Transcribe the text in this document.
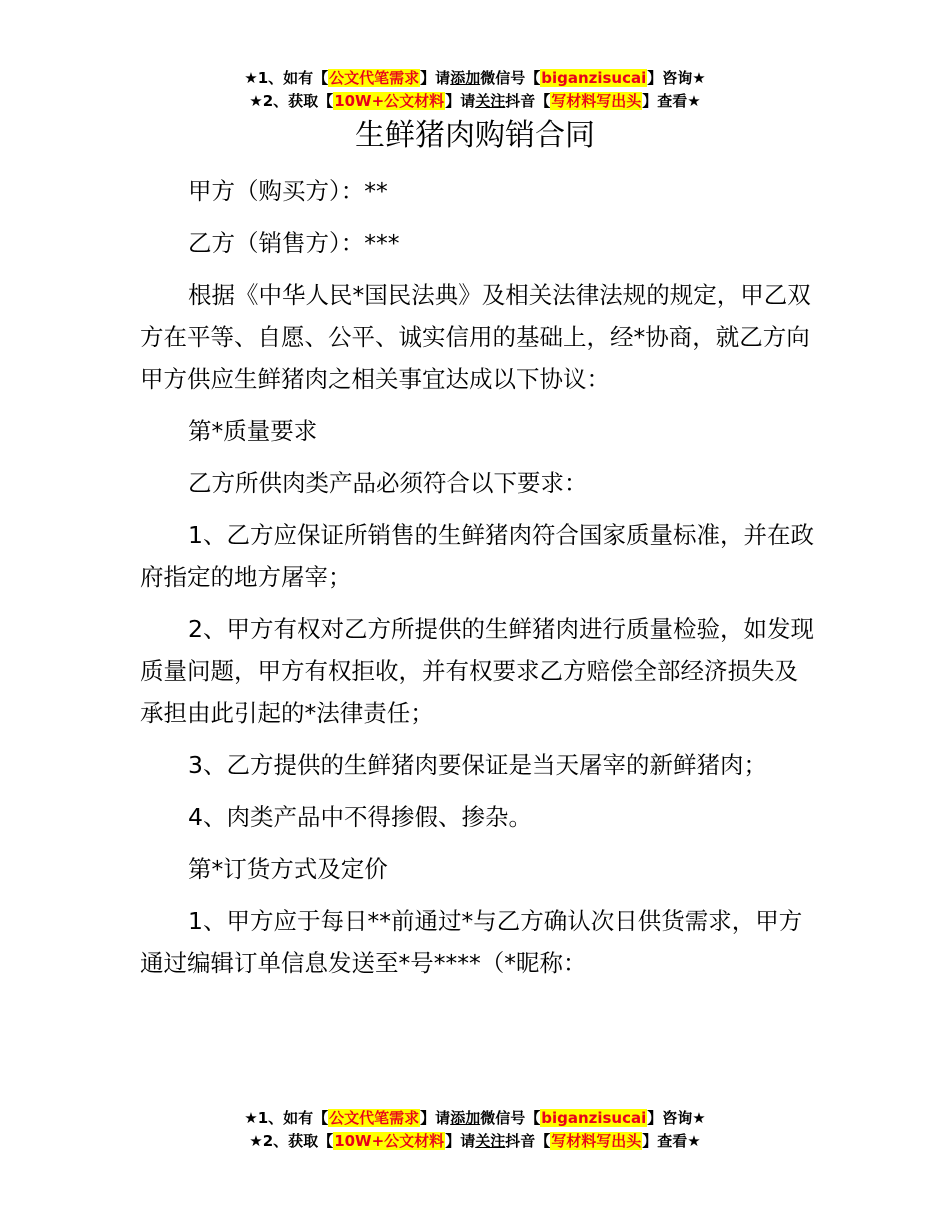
★1、如有【公文代笔需求】请添加微信号【biganzisucai】咨询★
★2、获取【10W+公文材料】请关注抖音【写材料写出头】查看★
生鲜猪肉购销合同

甲方（购买方）：**

乙方（销售方）：***

根据《中华人民*国民法典》及相关法律法规的规定，甲乙双方在平等、自愿、公平、诚实信用的基础上，经*协商，就乙方向甲方供应生鲜猪肉之相关事宜达成以下协议：

第*质量要求

乙方所供肉类产品必须符合以下要求：

1、乙方应保证所销售的生鲜猪肉符合国家质量标准，并在政府指定的地方屠宰；

2、甲方有权对乙方所提供的生鲜猪肉进行质量检验，如发现质量问题，甲方有权拒收，并有权要求乙方赔偿全部经济损失及承担由此引起的*法律责任；

3、乙方提供的生鲜猪肉要保证是当天屠宰的新鲜猪肉；

4、肉类产品中不得掺假、掺杂。

第*订货方式及定价

1、甲方应于每日**前通过*与乙方确认次日供货需求，甲方通过编辑订单信息发送至*号****（*昵称：

★1、如有【公文代笔需求】请添加微信号【biganzisucai】咨询★
★2、获取【10W+公文材料】请关注抖音【写材料写出头】查看★
